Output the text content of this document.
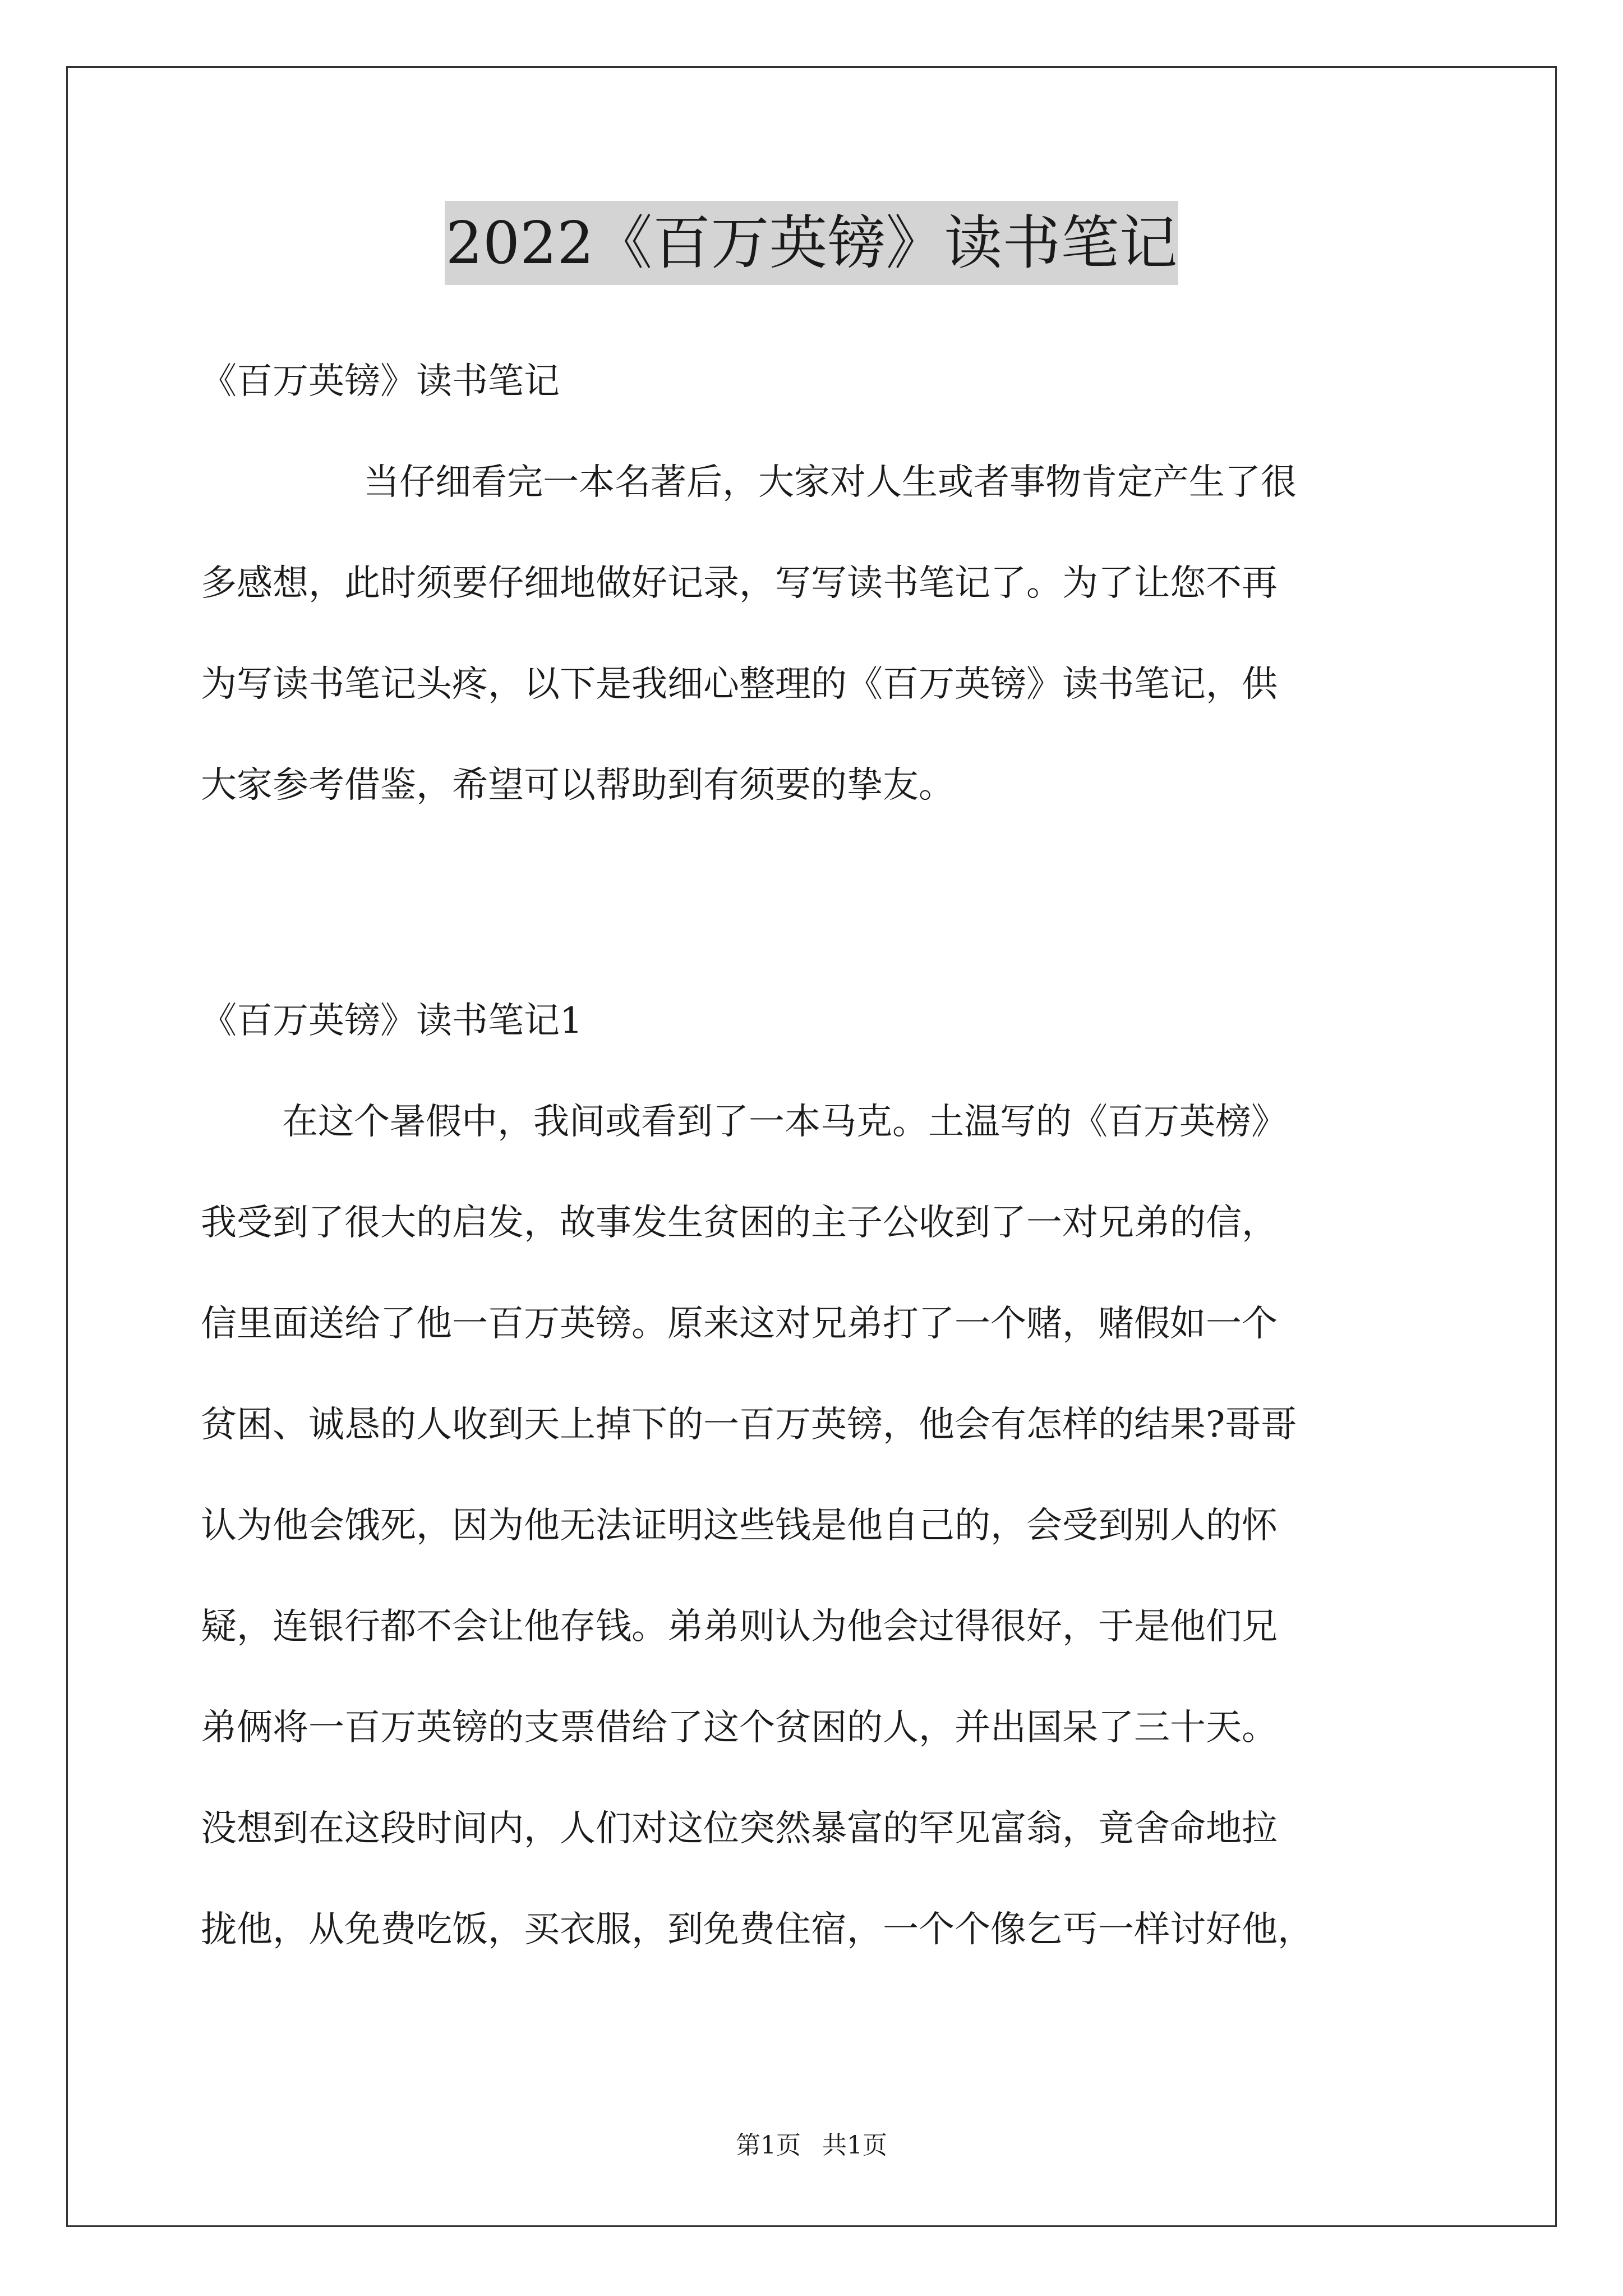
2022《百万英镑》读书笔记
《百万英镑》读书笔记
当仔细看完一本名著后，大家对人生或者事物肯定产生了很
多感想，此时须要仔细地做好记录，写写读书笔记了。为了让您不再
为写读书笔记头疼，以下是我细心整理的《百万英镑》读书笔记，供
大家参考借鉴，希望可以帮助到有须要的挚友。
《百万英镑》读书笔记1
在这个暑假中，我间或看到了一本马克。土温写的《百万英榜》
我受到了很大的启发，故事发生贫困的主子公收到了一对兄弟的信，
信里面送给了他一百万英镑。原来这对兄弟打了一个赌，赌假如一个
贫困、诚恳的人收到天上掉下的一百万英镑，他会有怎样的结果?哥哥
认为他会饿死，因为他无法证明这些钱是他自己的，会受到别人的怀
疑，连银行都不会让他存钱。弟弟则认为他会过得很好，于是他们兄
弟俩将一百万英镑的支票借给了这个贫困的人，并出国呆了三十天。
没想到在这段时间内，人们对这位突然暴富的罕见富翁，竟舍命地拉
拢他，从免费吃饭，买衣服，到免费住宿，一个个像乞丐一样讨好他，
第1页 共1页
